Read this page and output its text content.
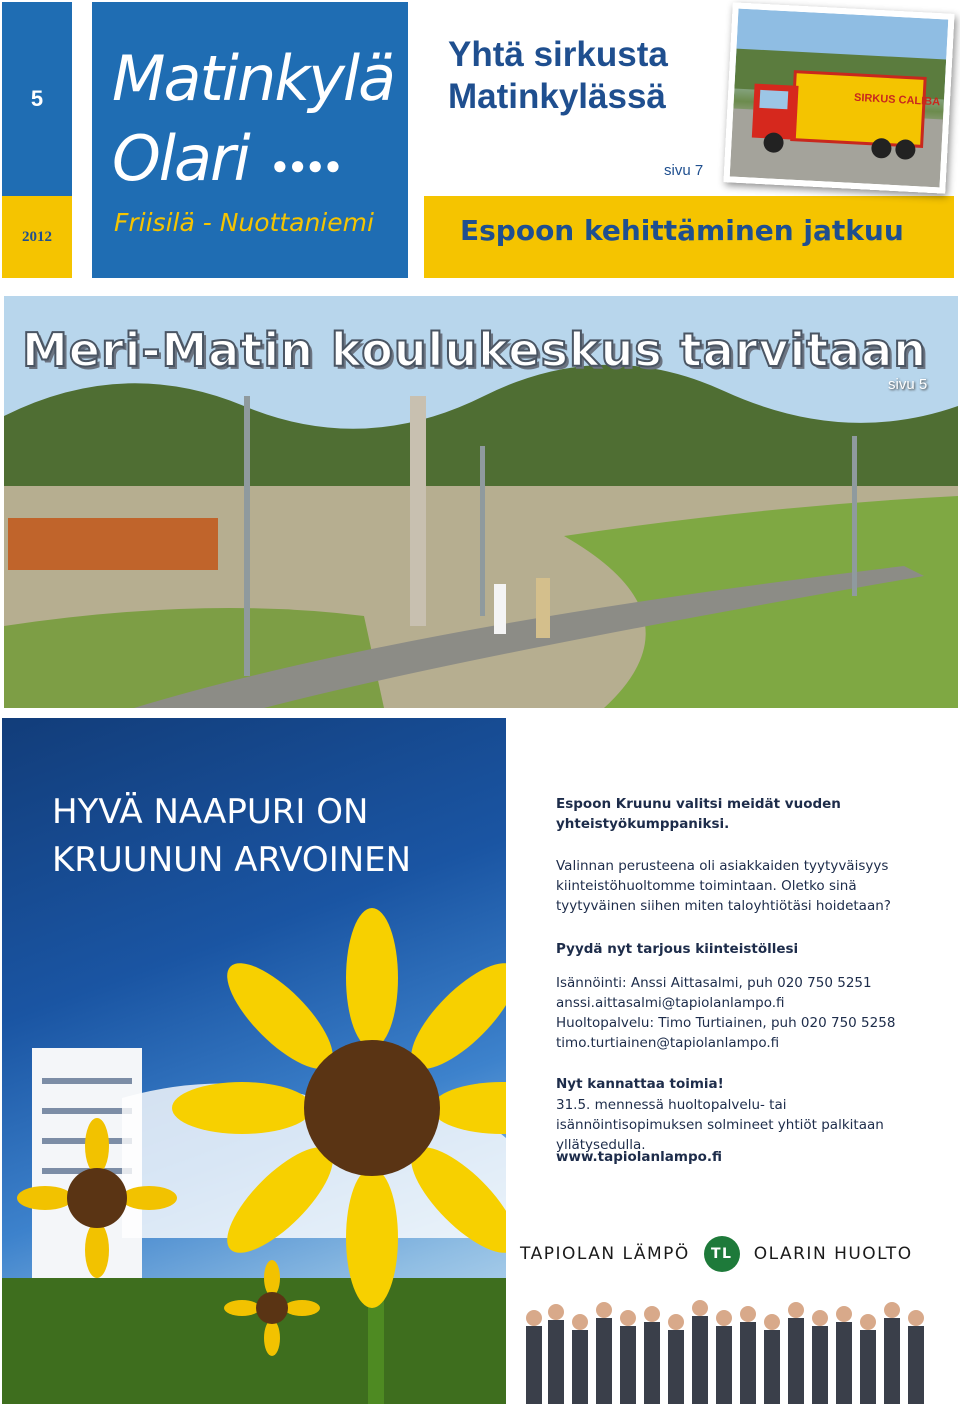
5
2012
Matinkylä
Olari ●●●●
Friisilä - Nuottaniemi
Yhtä sirkusta Matinkylässä
sivu 7
SIRKUS CALIBA
Espoon kehittäminen jatkuu
Meri-Matin koulukeskus tarvitaan
sivu 5
HYVÄ NAAPURI ON
KRUUNUN ARVOINEN
Espoon Kruunu valitsi meidät vuoden yhteistyökumppaniksi.
Valinnan perusteena oli asiakkaiden tyytyväisyys kiinteistöhuoltomme toimintaan. Oletko sinä tyytyväinen siihen miten taloyhtiötäsi hoidetaan?
Pyydä nyt tarjous kiinteistöllesi
Isännöinti: Anssi Aittasalmi, puh 020 750 5251
anssi.aittasalmi@tapiolanlampo.fi
Huoltopalvelu: Timo Turtiainen, puh 020 750 5258
timo.turtiainen@tapiolanlampo.fi
Nyt kannattaa toimia!
31.5. mennessä huoltopalvelu- tai isännöintisopimuksen solmineet yhtiöt palkitaan yllätysedulla.
www.tapiolanlampo.fi
TAPIOLAN LÄMPÖ	TL	OLARIN HUOLTO
